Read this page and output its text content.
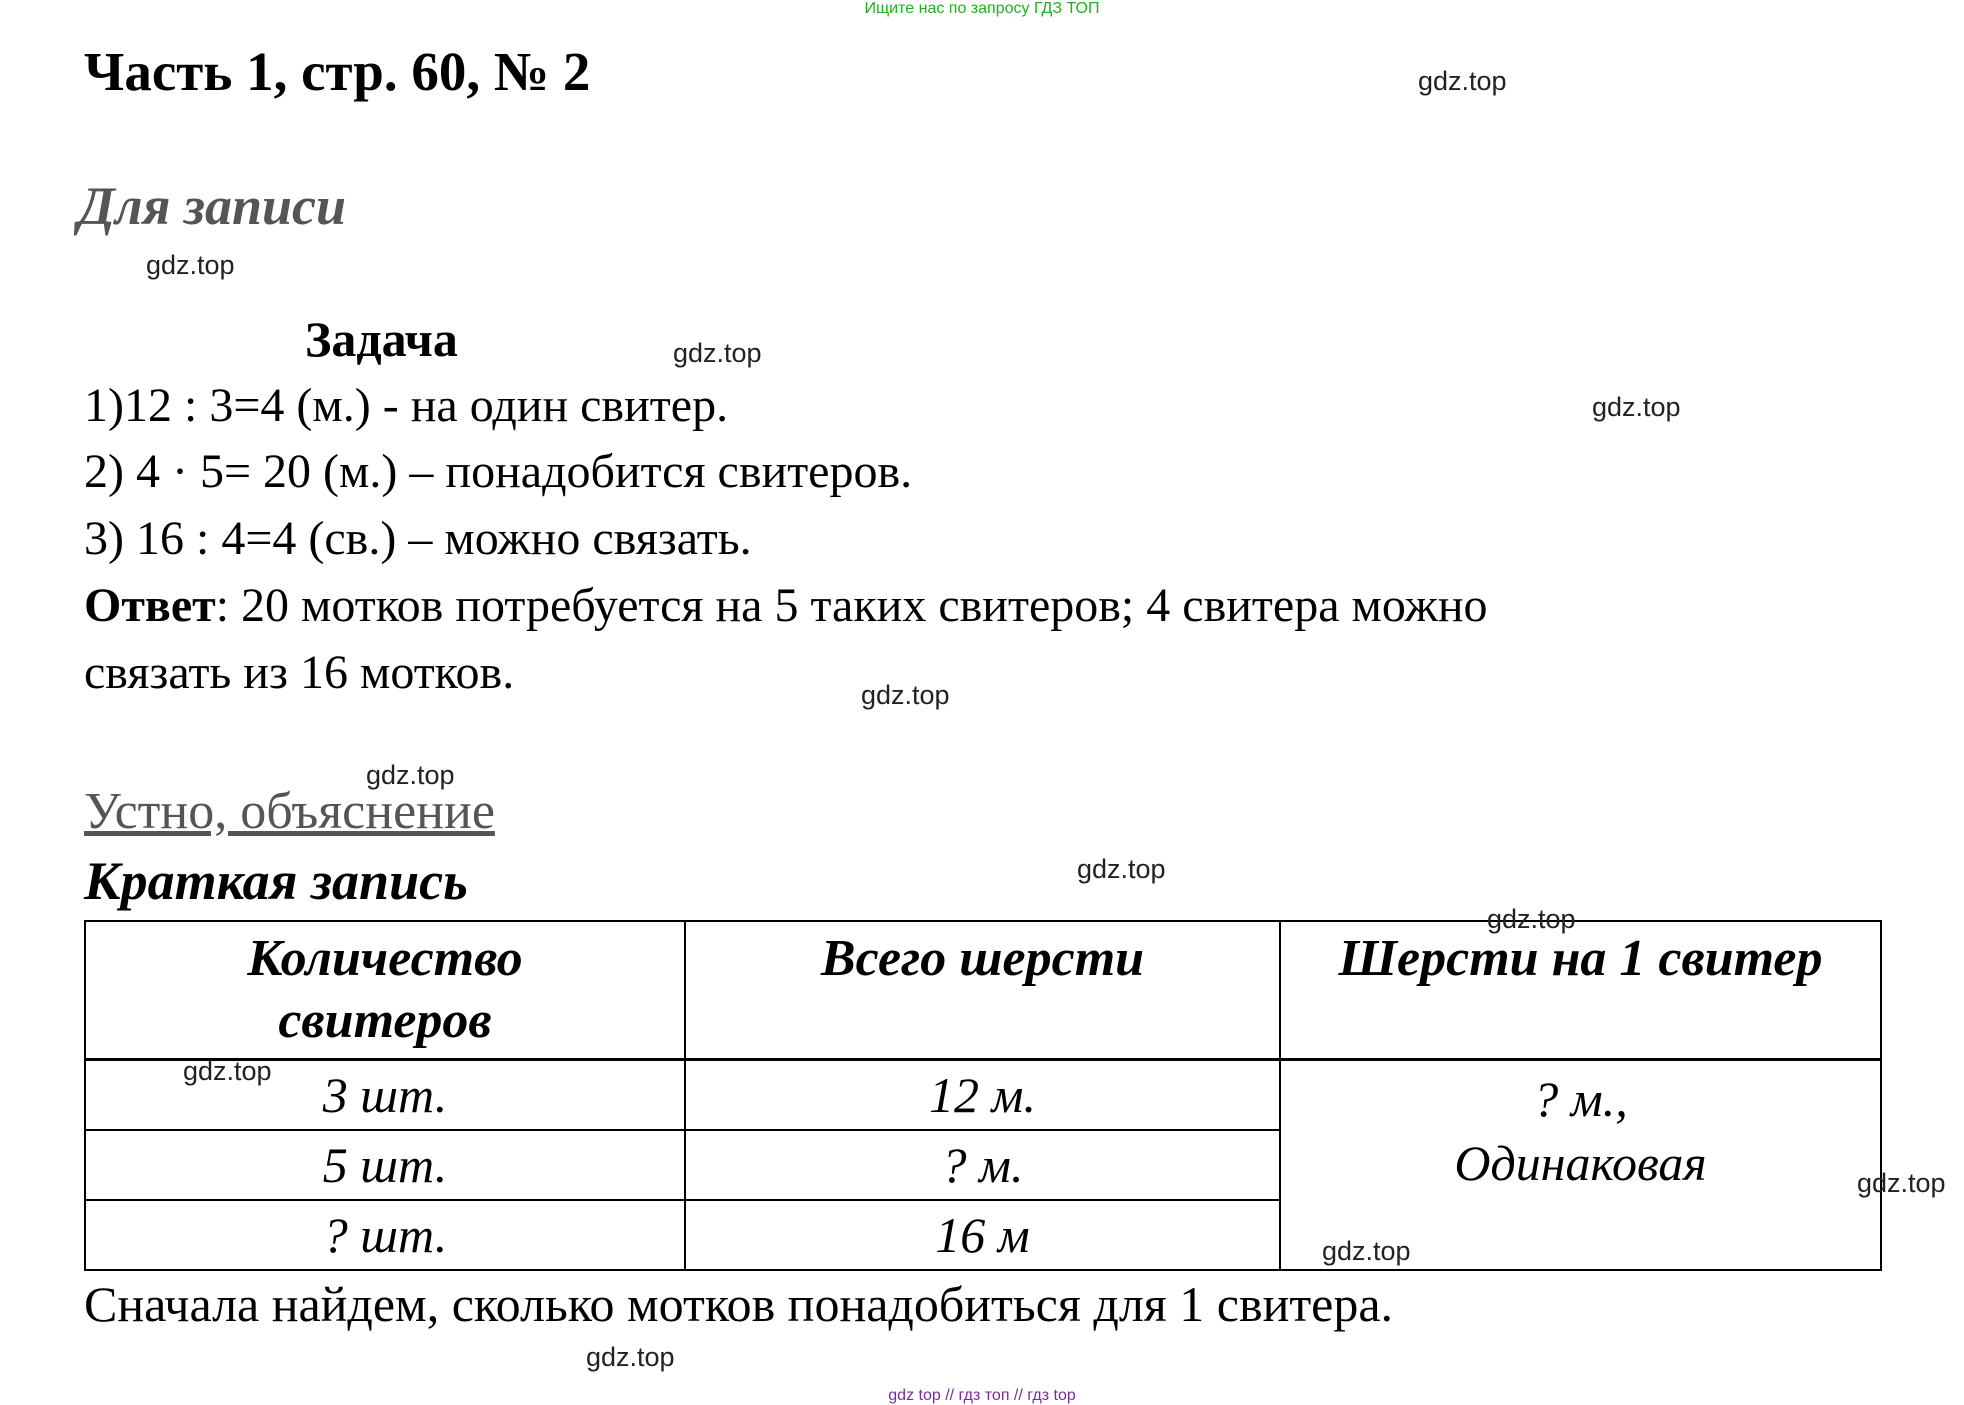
Ищите нас по запросу ГДЗ ТОП
Часть 1, стр. 60, № 2
Для записи
Задача
1)12 : 3=4 (м.) - на один свитер.
2) 4 · 5= 20 (м.) – понадобится свитеров.
3) 16 : 4=4 (св.) – можно связать.
Ответ: 20 мотков потребуется на 5 таких свитеров; 4 свитера можно
связать из 16 мотков.
Устно, объяснение
Краткая запись
Количество
свитеров	Всего шерсти	Шерсти на 1 свитер
3 шт.	12 м.	? м.,
Одинаковая

5 шт.	? м.	
? шт.	16 м	
Сначала найдем, сколько мотков понадобиться для 1 свитера.
gdz.top
gdz.top
gdz.top
gdz.top
gdz.top
gdz.top
gdz.top
gdz.top
gdz.top
gdz.top
gdz.top
gdz.top
gdz top // гдз топ // гдз top
